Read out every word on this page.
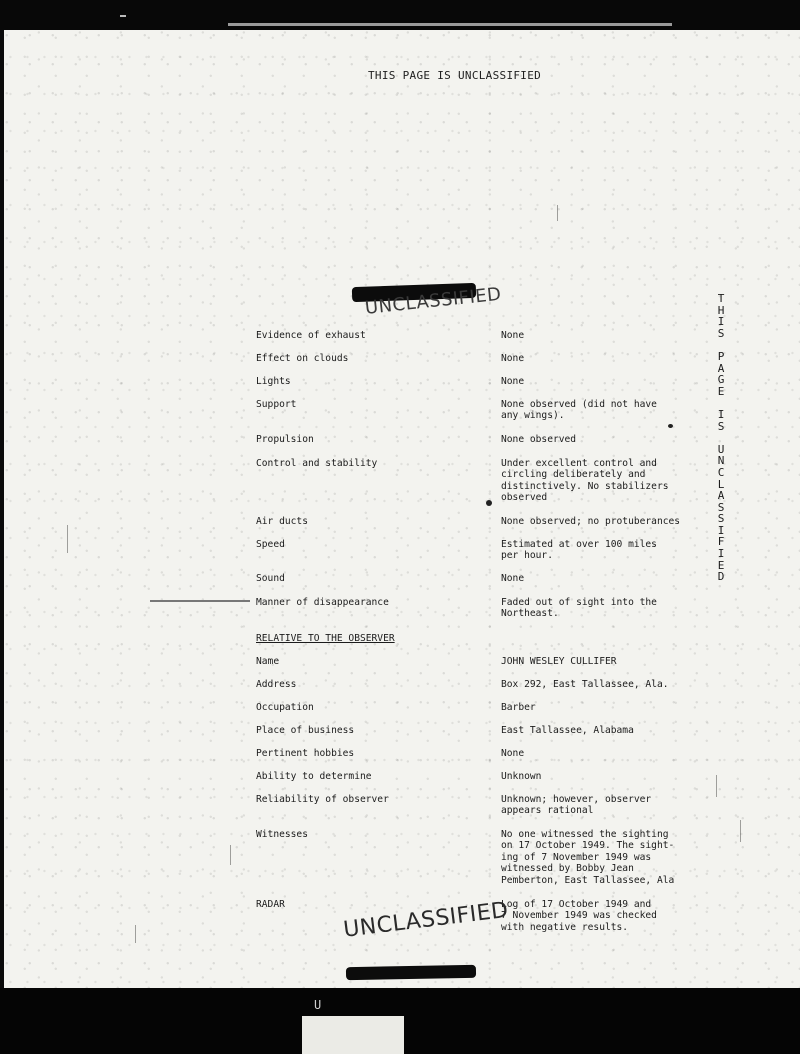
THIS PAGE IS UNCLASSIFIED
UNCLASSIFIED	T
H
I
S
P
A
G
E
I
S
U
N
C
L
A
S
S
I
F
I
E
D
Evidence of exhaust	None
Effect on clouds	None
Lights	None
Support	None observed (did not have
any wings).
Propulsion	None observed
Control and stability	Under excellent control and
circling deliberately and
distinctively. No stabilizers
observed
Air ducts	None observed; no protuberances
Speed	Estimated at over 100 miles
per hour.
Sound	None
Manner of disappearance	Faded out of sight into the
Northeast.
RELATIVE TO THE OBSERVER
Name	JOHN WESLEY CULLIFER
Address	Box 292, East Tallassee, Ala.
Occupation	Barber
Place of business	East Tallassee, Alabama
Pertinent hobbies	None
Ability to determine	Unknown
Reliability of observer	Unknown; however, observer
appears rational
Witnesses	No one witnessed the sighting
on 17 October 1949. The sight-
ing of 7 November 1949 was
witnessed by Bobby Jean
Pemberton, East Tallassee, Ala
RADAR	Log of 17 October 1949 and
7 November 1949 was checked
with negative results.
UNCLASSIFIED
U
